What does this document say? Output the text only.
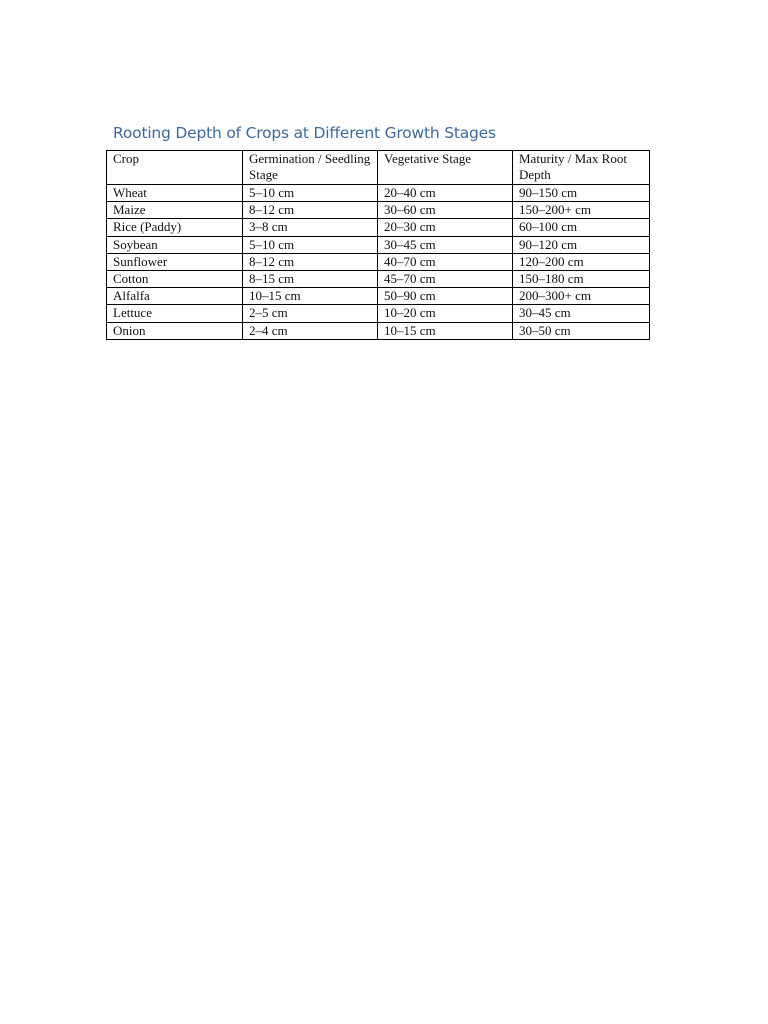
Rooting Depth of Crops at Different Growth Stages
Crop	Germination / Seedling Stage	Vegetative Stage	Maturity / Max Root Depth
Wheat	5–10 cm	20–40 cm	90–150 cm
Maize	8–12 cm	30–60 cm	150–200+ cm
Rice (Paddy)	3–8 cm	20–30 cm	60–100 cm
Soybean	5–10 cm	30–45 cm	90–120 cm
Sunflower	8–12 cm	40–70 cm	120–200 cm
Cotton	8–15 cm	45–70 cm	150–180 cm
Alfalfa	10–15 cm	50–90 cm	200–300+ cm
Lettuce	2–5 cm	10–20 cm	30–45 cm
Onion	2–4 cm	10–15 cm	30–50 cm
